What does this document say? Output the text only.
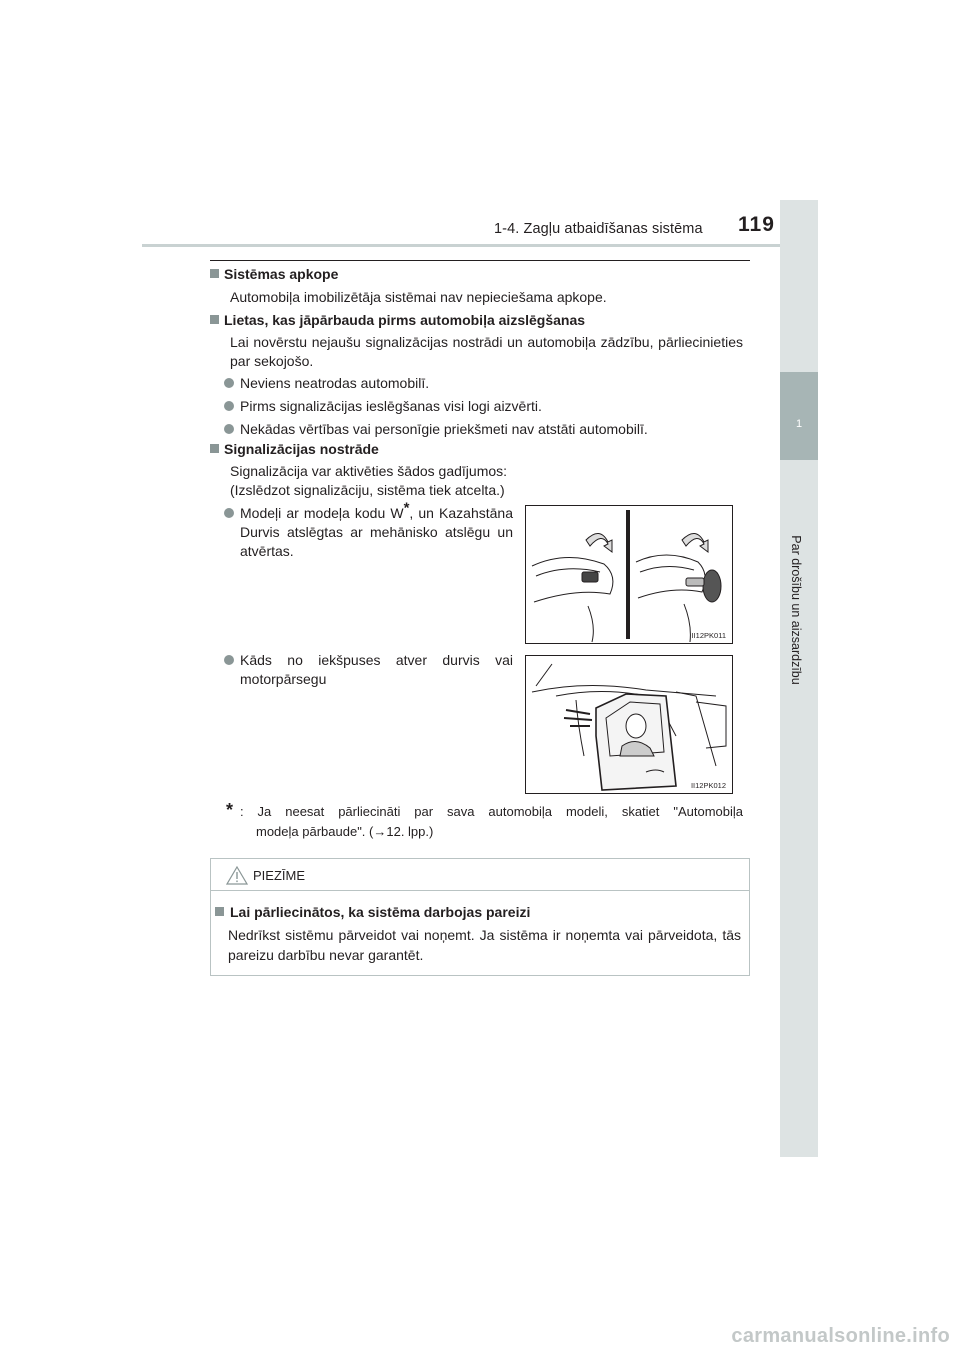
1-4. Zagļu atbaidīšanas sistēma 119
1
Par drošību un aizsardzību
Sistēmas apkope
Automobiļa imobilizētāja sistēmai nav nepieciešama apkope.
Lietas, kas jāpārbauda pirms automobiļa aizslēgšanas
Lai novērstu nejaušu signalizācijas nostrādi un automobiļa zādzību, pārliecinieties par sekojošo.
Neviens neatrodas automobilī.
Pirms signalizācijas ieslēgšanas visi logi aizvērti.
Nekādas vērtības vai personīgie priekšmeti nav atstāti automobilī.
Signalizācijas nostrāde
Signalizācija var aktivēties šādos gadījumos:
(Izslēdzot signalizāciju, sistēma tiek atcelta.)
Modeļi ar modeļa kodu W*, un Kazahstāna Durvis atslēgtas ar mehānisko atslēgu un atvērtas.
Kāds no iekšpuses atver durvis vai motorpārsegu
II12PK011
II12PK012
* : Ja neesat pārliecināti par sava automobiļa modeli, skatiet "Automobiļa
modeļa pārbaude". (→12. lpp.)
PIEZĪME
Lai pārliecinātos, ka sistēma darbojas pareizi
Nedrīkst sistēmu pārveidot vai noņemt. Ja sistēma ir noņemta vai pārveidota, tās pareizu darbību nevar garantēt.
carmanualsonline.info
